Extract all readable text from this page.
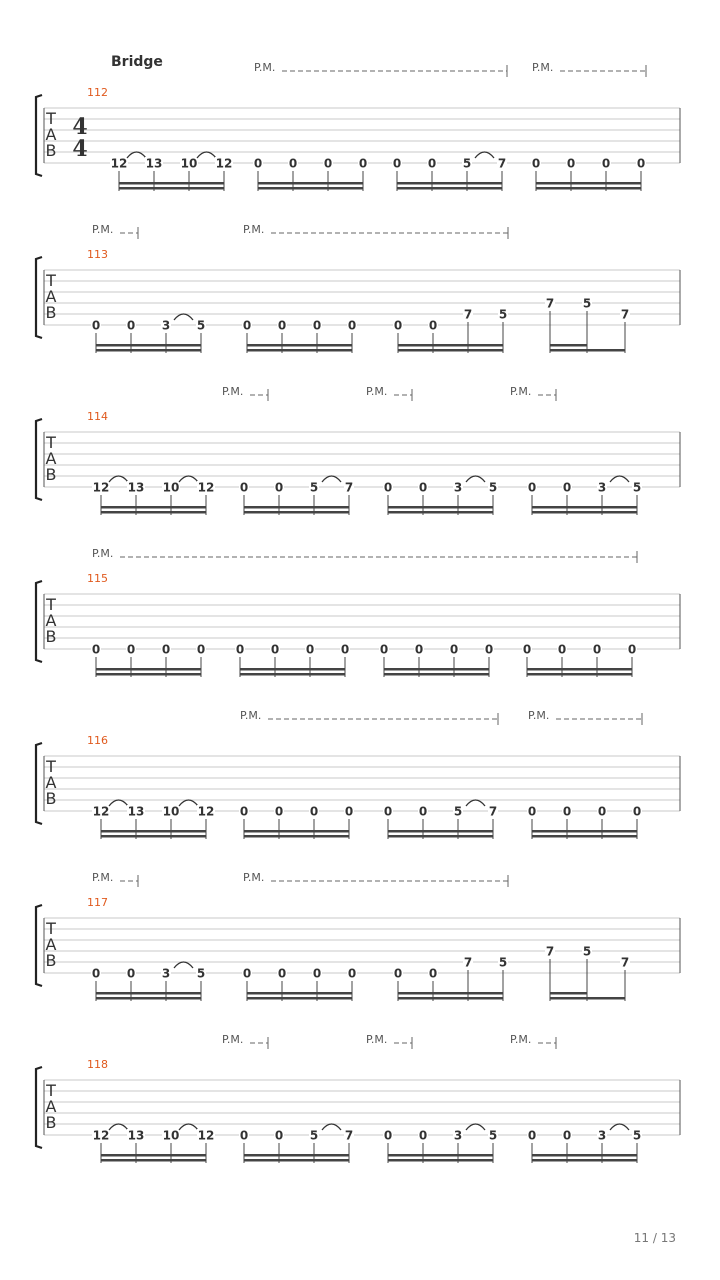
Bridge
T
A
B
4
4
112
P.M.	P.M.
12 13 10 12 0 0 0 0 0 0 5 7 0 0 0 0
T
A
B
113
P.M.	P.M.
0 0 3 5	0 0 0 0	0 0
7 5
7 5
7
T
A
B
114
P.M.	P.M.	P.M.
12 13 10 12 0 0 5 7	0 0 3 5	0 0 3 5
T
A
B
115
P.M.
0 0 0 0	0 0 0 0	0 0 0 0 0 0 0 0
T
A
B
116
P.M.	P.M.
12 13 10 12 0 0 0 0	0 0 5 7	0 0 0 0
T
A
B
117
P.M.	P.M.
0 0 3 5	0 0 0 0	0 0
7 5
7 5
7
T
A
B
118
P.M.	P.M.	P.M.
12 13 10 12 0 0 5 7	0 0 3 5	0 0 3 5
11 / 13
